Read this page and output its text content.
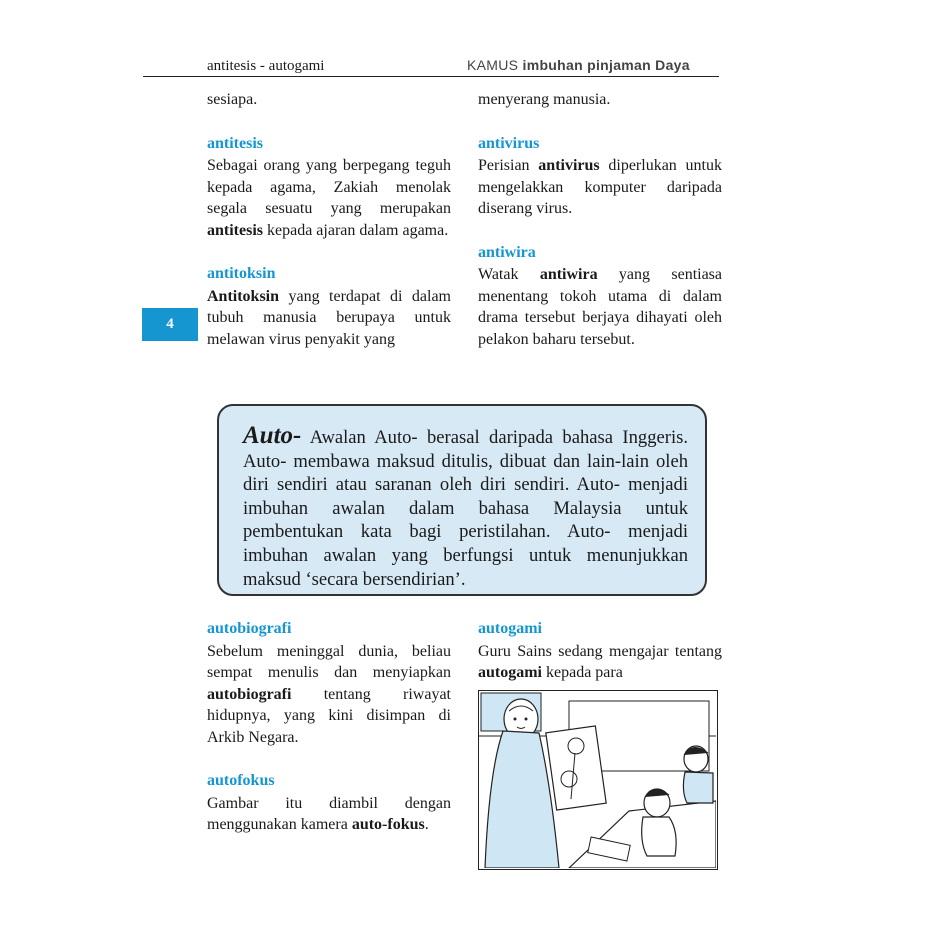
antitesis - autogami	KAMUS imbuhan pinjaman Daya
4

sesiapa.

antitesis

Sebagai orang yang berpegang teguh kepada agama, Zakiah menolak segala sesuatu yang merupakan antitesis kepada ajaran dalam agama.

antitoksin

Antitoksin yang terdapat di dalam tubuh manusia berupaya untuk melawan virus penyakit yang

menyerang manusia.

antivirus

Perisian antivirus diperlukan untuk mengelakkan komputer daripada diserang virus.

antiwira

Watak antiwira yang sentiasa menentang tokoh utama di dalam drama tersebut berjaya dihayati oleh pelakon baharu tersebut.

Auto- Awalan Auto- berasal daripada bahasa Inggeris. Auto- membawa maksud ditulis, dibuat dan lain-lain oleh diri sendiri atau saranan oleh diri sendiri. Auto- menjadi imbuhan awalan dalam bahasa Malaysia untuk pembentukan kata bagi peristilahan. Auto- menjadi imbuhan awalan yang berfungsi untuk menunjukkan maksud ‘secara bersendirian’.
autobiografi

Sebelum meninggal dunia, beliau sempat menulis dan menyiapkan autobiografi tentang riwayat hidupnya, yang kini disimpan di Arkib Negara.

autofokus

Gambar itu diambil dengan menggunakan kamera auto-fokus.

autogami

Guru Sains sedang mengajar tentang autogami kepada para
